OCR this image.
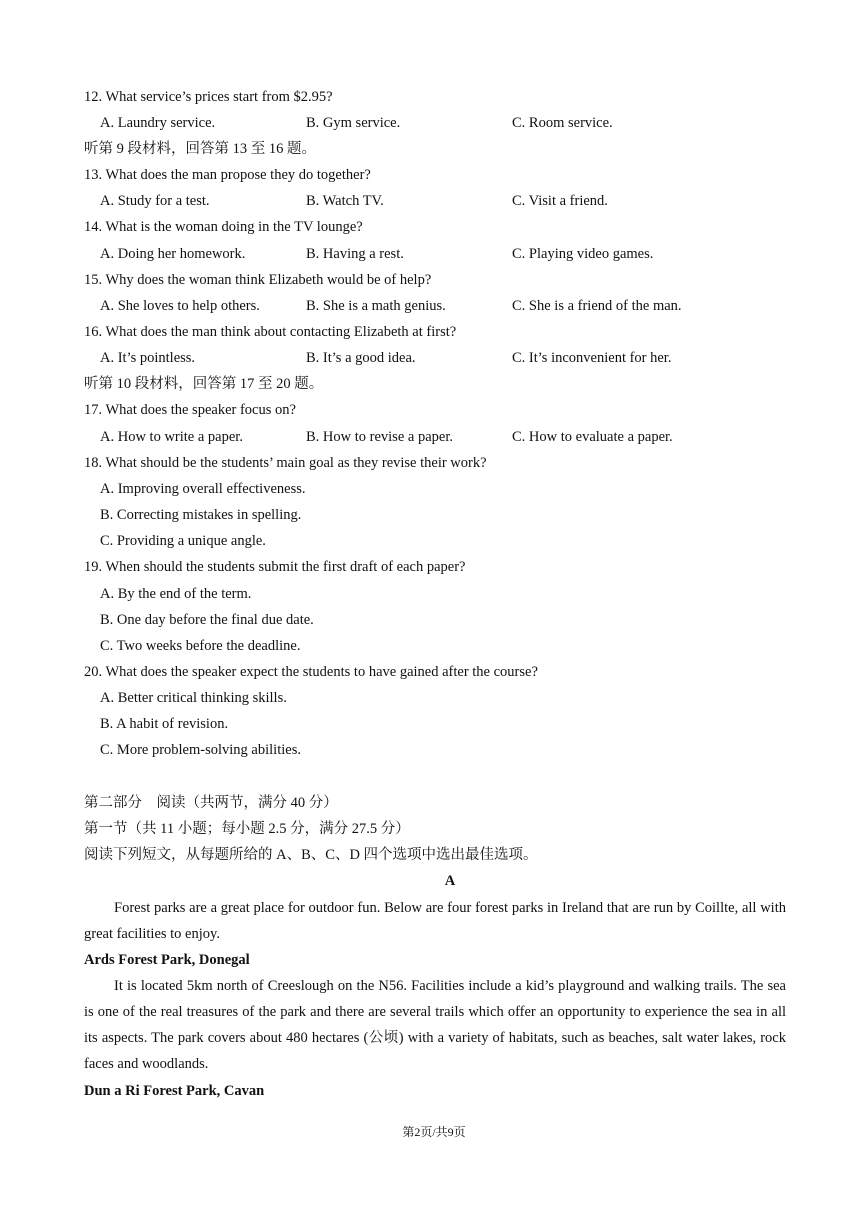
12. What service’s prices start from $2.95?
A. Laundry service.	B. Gym service.	C. Room service.
听第 9 段材料，回答第 13 至 16 题。
13. What does the man propose they do together?
A. Study for a test.	B. Watch TV.	C. Visit a friend.
14. What is the woman doing in the TV lounge?
A. Doing her homework.	B. Having a rest.	C. Playing video games.
15. Why does the woman think Elizabeth would be of help?
A. She loves to help others.	B. She is a math genius.	C. She is a friend of the man.
16. What does the man think about contacting Elizabeth at first?
A. It’s pointless.	B. It’s a good idea.	C. It’s inconvenient for her.
听第 10 段材料，回答第 17 至 20 题。
17. What does the speaker focus on?
A. How to write a paper.	B. How to revise a paper.	C. How to evaluate a paper.
18. What should be the students’ main goal as they revise their work?
A. Improving overall effectiveness.
B. Correcting mistakes in spelling.
C. Providing a unique angle.
19. When should the students submit the first draft of each paper?
A. By the end of the term.
B. One day before the final due date.
C. Two weeks before the deadline.
20. What does the speaker expect the students to have gained after the course?
A. Better critical thinking skills.
B. A habit of revision.
C. More problem-solving abilities.
第二部分　阅读（共两节，满分 40 分）
第一节（共 11 小题；每小题 2.5 分，满分 27.5 分）
阅读下列短文，从每题所给的 A、B、C、D 四个选项中选出最佳选项。
A
Forest parks are a great place for outdoor fun. Below are four forest parks in Ireland that are run by Coillte, all with great facilities to enjoy.
Ards Forest Park, Donegal
It is located 5km north of Creeslough on the N56. Facilities include a kid’s playground and walking trails. The sea is one of the real treasures of the park and there are several trails which offer an opportunity to experience the sea in all its aspects. The park covers about 480 hectares (公顷) with a variety of habitats, such as beaches, salt water lakes, rock faces and woodlands.
Dun a Ri Forest Park, Cavan
第2页/共9页
